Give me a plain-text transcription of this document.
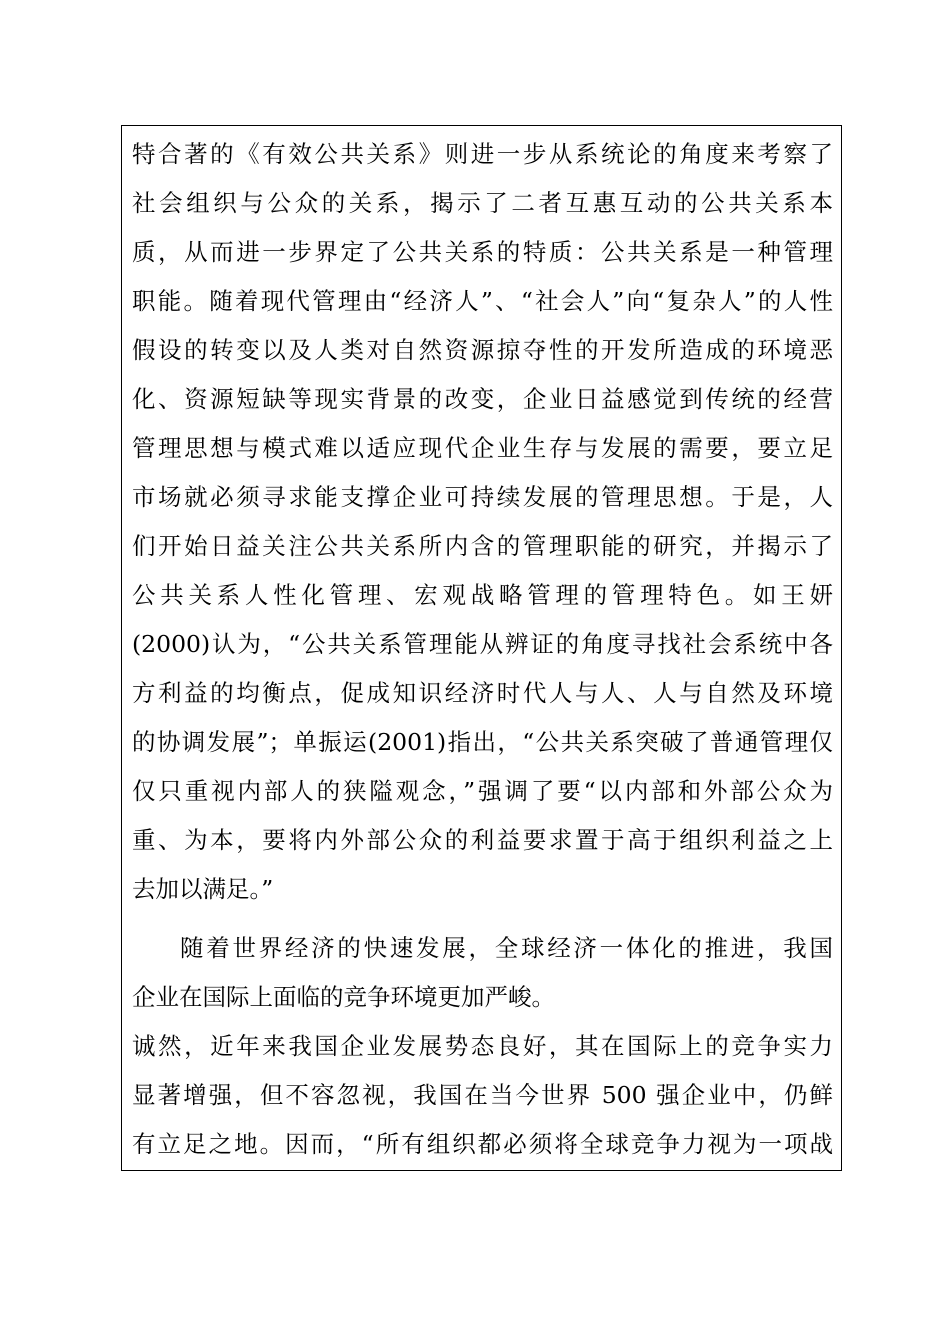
特合著的《有效公共关系》则进一步从系统论的角度来考察了
社会组织与公众的关系，揭示了二者互惠互动的公共关系本
质，从而进一步界定了公共关系的特质：公共关系是一种管理
职能。随着现代管理由“经济人”、“社会人”向“复杂人”的人性
假设的转变以及人类对自然资源掠夺性的开发所造成的环境恶
化、资源短缺等现实背景的改变，企业日益感觉到传统的经营
管理思想与模式难以适应现代企业生存与发展的需要，要立足
市场就必须寻求能支撑企业可持续发展的管理思想。于是，人
们开始日益关注公共关系所内含的管理职能的研究，并揭示了
公共关系人性化管理、宏观战略管理的管理特色。如王妍
(2000)认为，“公共关系管理能从辨证的角度寻找社会系统中各
方利益的均衡点，促成知识经济时代人与人、人与自然及环境
的协调发展”；单振运(2001)指出，“公共关系突破了普通管理仅
仅只重视内部人的狭隘观念，”强调了要“以内部和外部公众为
重、为本，要将内外部公众的利益要求置于高于组织利益之上
去加以满足。”
随着世界经济的快速发展，全球经济一体化的推进，我国
企业在国际上面临的竞争环境更加严峻。
诚然，近年来我国企业发展势态良好，其在国际上的竞争实力
显著增强，但不容忽视，我国在当今世界 500 强企业中，仍鲜
有立足之地。因而，“所有组织都必须将全球竞争力视为一项战
